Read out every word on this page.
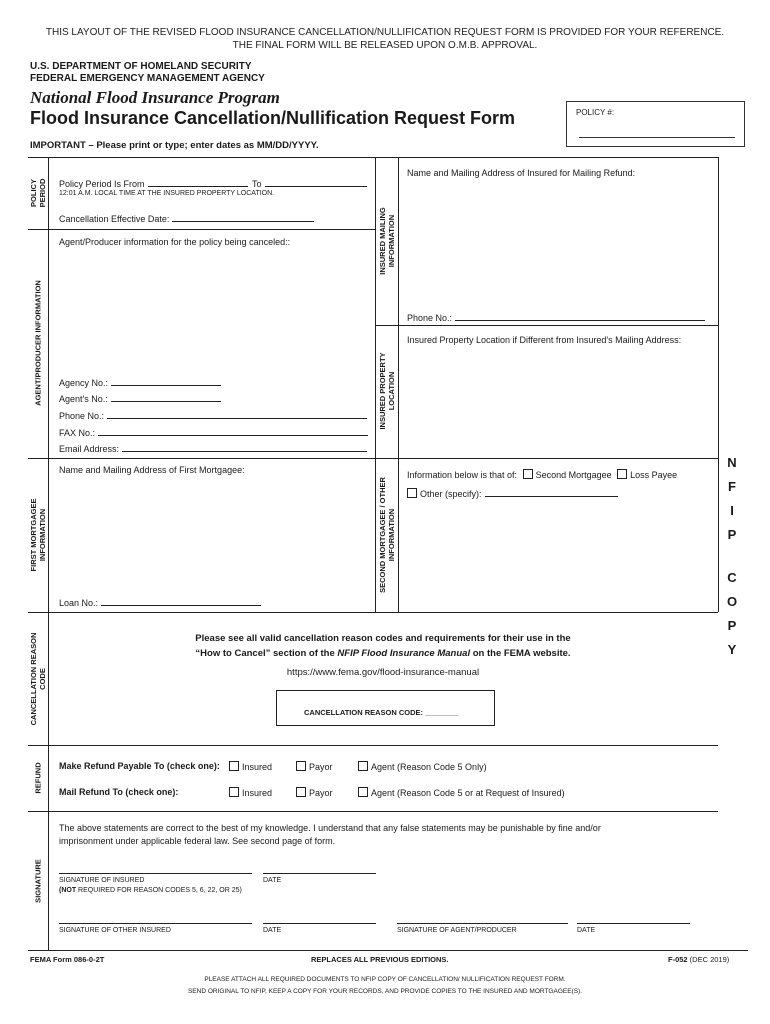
THIS LAYOUT OF THE REVISED FLOOD INSURANCE CANCELLATION/NULLIFICATION REQUEST FORM IS PROVIDED FOR YOUR REFERENCE.
THE FINAL FORM WILL BE RELEASED UPON O.M.B. APPROVAL.
U.S. DEPARTMENT OF HOMELAND SECURITY
FEDERAL EMERGENCY MANAGEMENT AGENCY
National Flood Insurance Program
Flood Insurance Cancellation/Nullification Request Form	POLICY #:
IMPORTANT – Please print or type; enter dates as MM/DD/YYYY.
POLICY
PERIOD Policy Period Is From	To
12:01 A.M. LOCAL TIME AT THE INSURED PROPERTY LOCATION.
Cancellation Effective Date:
AGENT/PRODUCER INFORMATION
Agent/Producer information for the policy being canceled::
Agency No.:
Agent's No.:
Phone No.:
FAX No.:
Email Address:
INSURED MAILING
INFORMATION
Name and Mailing Address of Insured for Mailing Refund:
Phone No.:
INSURED PROPERTY
LOCATION
Insured Property Location if Different from Insured's Mailing Address:
FIRST MORTGAGEE
INFORMATION
Name and Mailing Address of First Mortgagee:
Loan No.:
SECOND MORTGAGEE / OTHER
INFORMATION
Information below is that of: Second Mortgagee Loss Payee
Other (specify):
N
F
I
P
C
O
P
Y
CANCELLATION REASON
CODE
Please see all valid cancellation reason codes and requirements for their use in the
“How to Cancel” section of the NFIP Flood Insurance Manual on the FEMA website.
https://www.fema.gov/flood-insurance-manual
CANCELLATION REASON CODE: ________
REFUND Make Refund Payable To (check one):	Insured	Payor	Agent (Reason Code 5 Only)
Mail Refund To (check one):	Insured	Payor	Agent (Reason Code 5 or at Request of Insured)
SIGNATURE
The above statements are correct to the best of my knowledge. I understand that any false statements may be punishable by fine and/or
imprisonment under applicable federal law. See second page of form.
SIGNATURE OF INSURED
(NOT REQUIRED FOR REASON CODES 5, 6, 22, OR 25)
DATE
SIGNATURE OF OTHER INSURED	DATE	SIGNATURE OF AGENT/PRODUCER	DATE
FEMA Form 086-0-2T	REPLACES ALL PREVIOUS EDITIONS.	F-052 (DEC 2019)
PLEASE ATTACH ALL REQUIRED DOCUMENTS TO NFIP COPY OF CANCELLATION/ NULLIFICATION REQUEST FORM.
SEND ORIGINAL TO NFIP, KEEP A COPY FOR YOUR RECORDS, AND PROVIDE COPIES TO THE INSURED AND MORTGAGEE(S).
